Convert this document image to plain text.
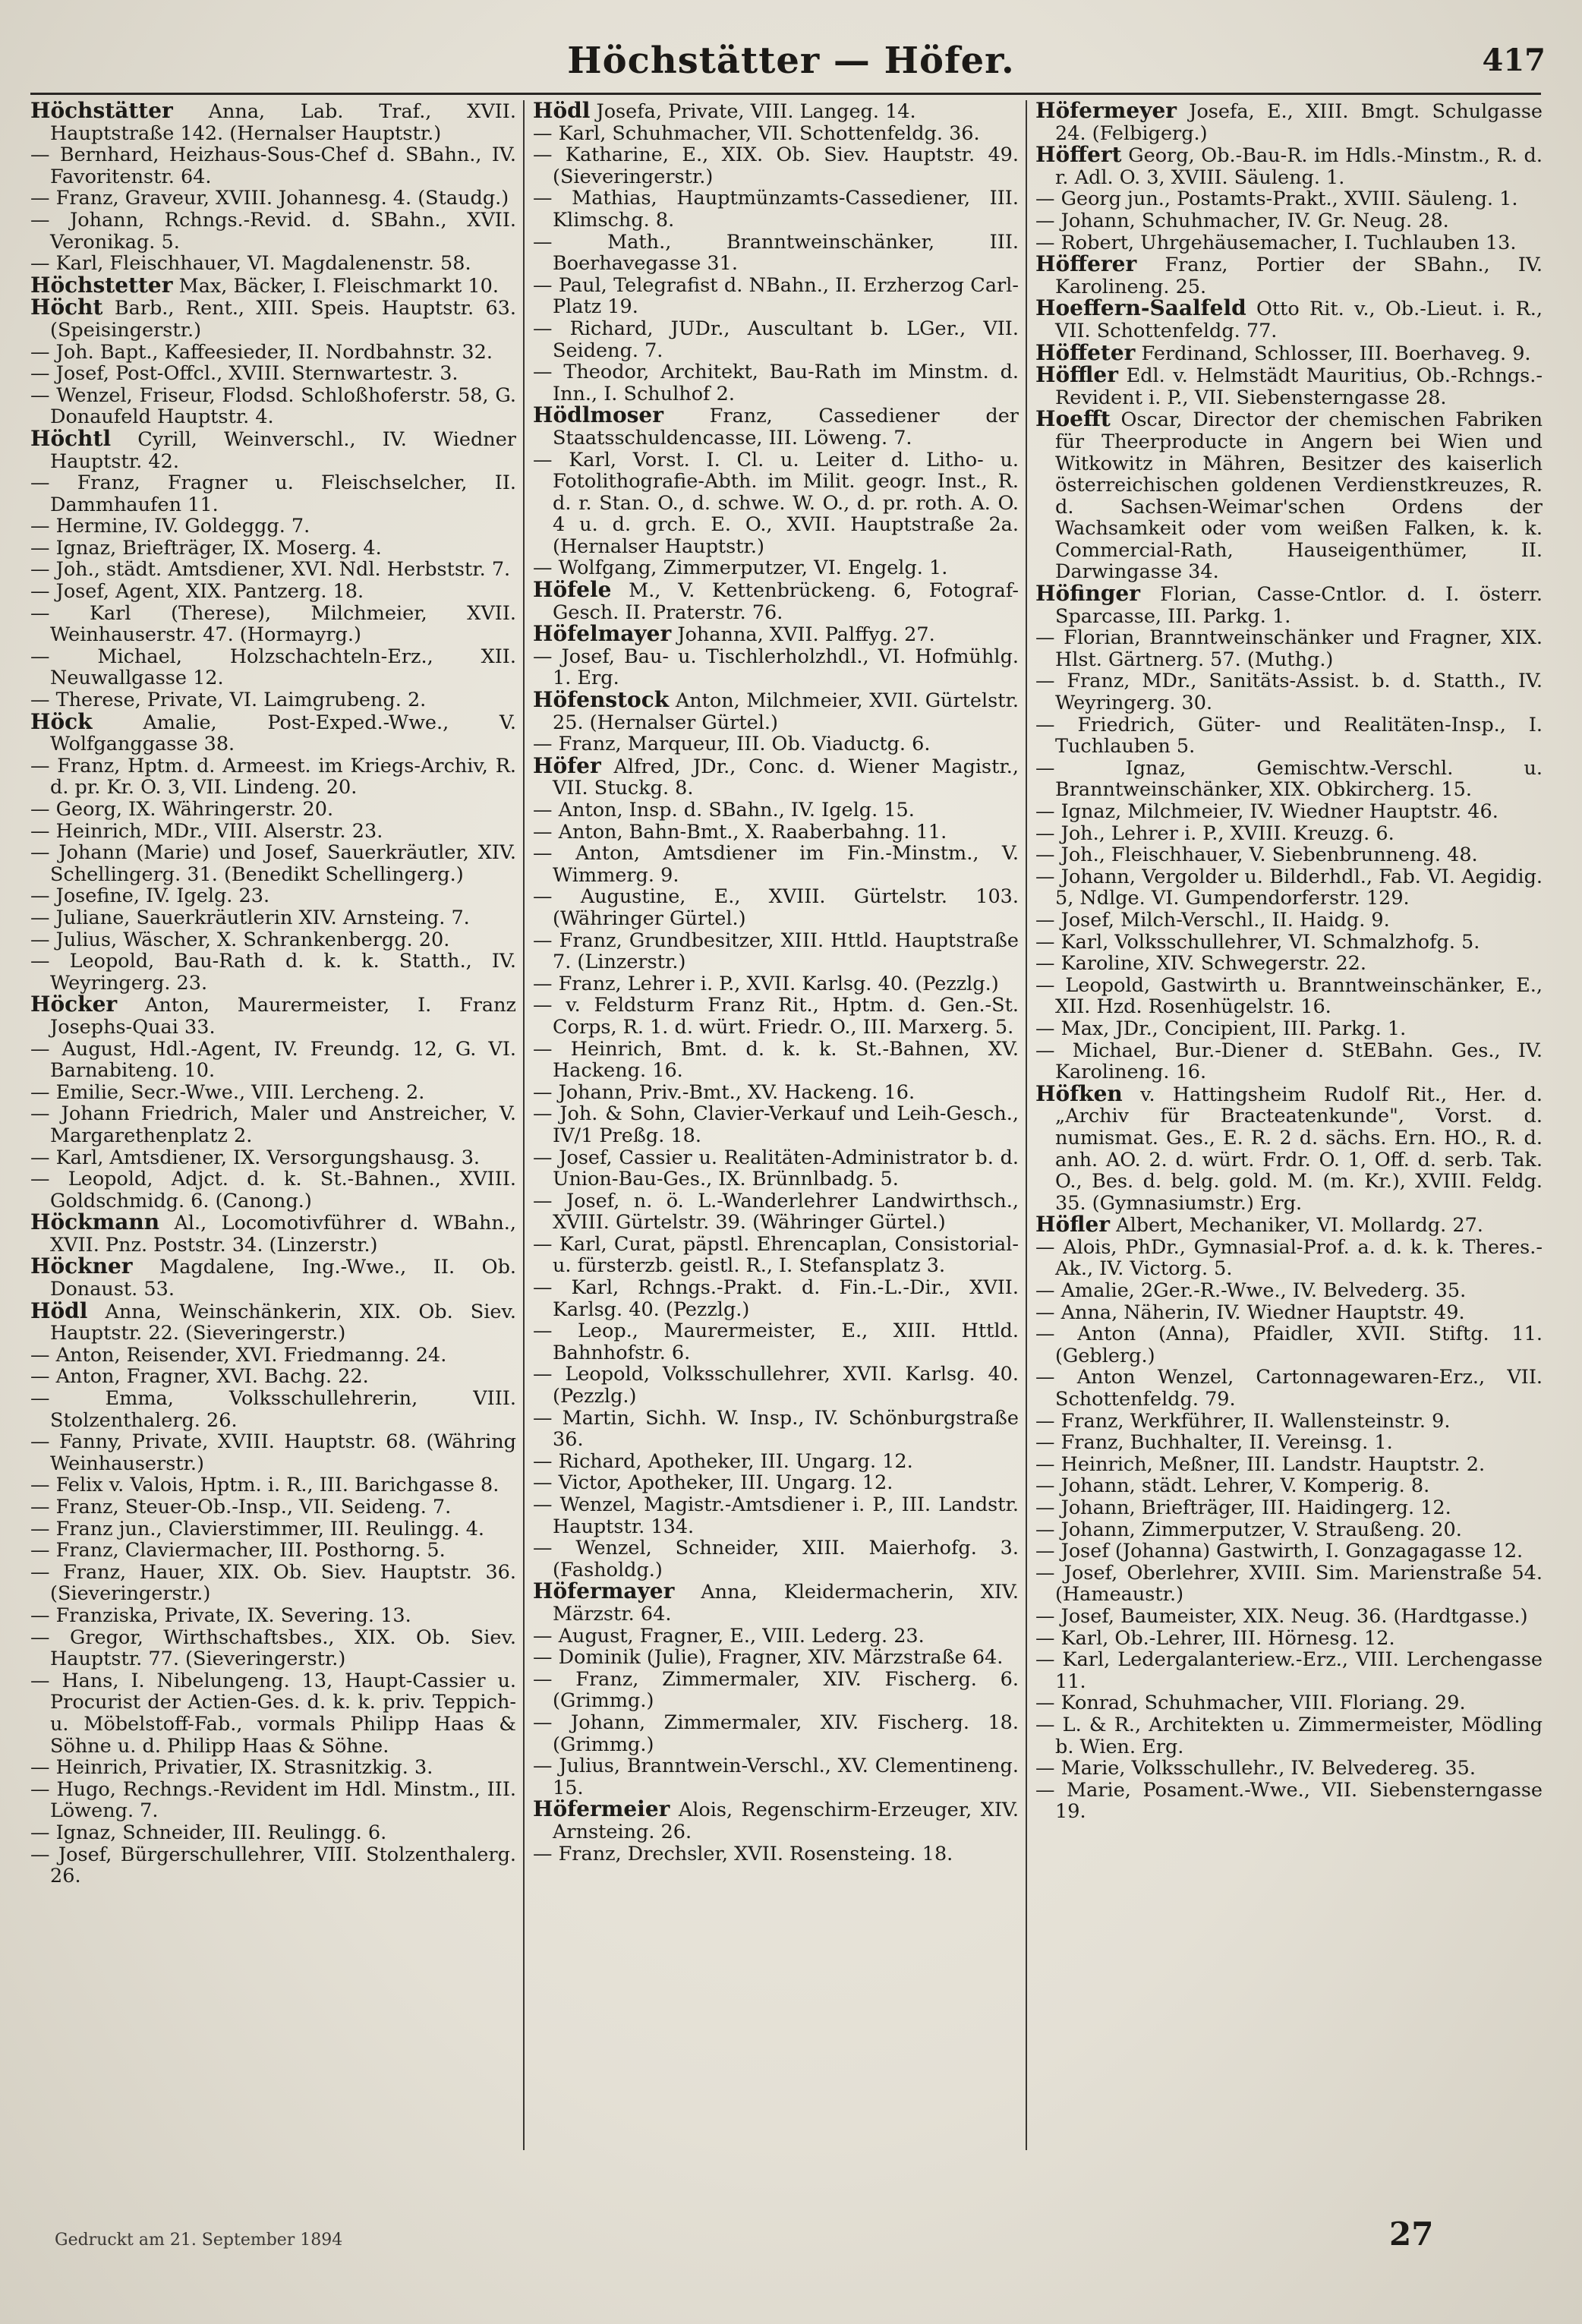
Höchstätter — Höfer.	417

Höchstätter Anna, Lab. Traf., XVII. Hauptstraße 142. (Hernalser Hauptstr.)

— Bernhard, Heizhaus-Sous-Chef d. SBahn., IV. Favoritenstr. 64.

— Franz, Graveur, XVIII. Johannesg. 4. (Staudg.)

— Johann, Rchngs.-Revid. d. SBahn., XVII. Veronikag. 5.

— Karl, Fleischhauer, VI. Magdalenenstr. 58.

Höchstetter Max, Bäcker, I. Fleischmarkt 10.

Höcht Barb., Rent., XIII. Speis. Hauptstr. 63. (Speisingerstr.)

— Joh. Bapt., Kaffeesieder, II. Nordbahnstr. 32.

— Josef, Post-Offcl., XVIII. Sternwartestr. 3.

— Wenzel, Friseur, Flodsd. Schloßhoferstr. 58, G. Donaufeld Hauptstr. 4.

Höchtl Cyrill, Weinverschl., IV. Wiedner Hauptstr. 42.

— Franz, Fragner u. Fleischselcher, II. Dammhaufen 11.

— Hermine, IV. Goldeggg. 7.

— Ignaz, Briefträger, IX. Moserg. 4.

— Joh., städt. Amtsdiener, XVI. Ndl. Herbststr. 7.

— Josef, Agent, XIX. Pantzerg. 18.

— Karl (Therese), Milchmeier, XVII. Weinhauserstr. 47. (Hormayrg.)

— Michael, Holzschachteln-Erz., XII. Neuwallgasse 12.

— Therese, Private, VI. Laimgrubeng. 2.

Höck Amalie, Post-Exped.-Wwe., V. Wolfganggasse 38.

— Franz, Hptm. d. Armeest. im Kriegs-Archiv, R. d. pr. Kr. O. 3, VII. Lindeng. 20.

— Georg, IX. Währingerstr. 20.

— Heinrich, MDr., VIII. Alserstr. 23.

— Johann (Marie) und Josef, Sauerkräutler, XIV. Schellingerg. 31. (Benedikt Schellingerg.)

— Josefine, IV. Igelg. 23.

— Juliane, Sauerkräutlerin XIV. Arnsteing. 7.

— Julius, Wäscher, X. Schrankenbergg. 20.

— Leopold, Bau-Rath d. k. k. Statth., IV. Weyringerg. 23.

Höcker Anton, Maurermeister, I. Franz Josephs-Quai 33.

— August, Hdl.-Agent, IV. Freundg. 12, G. VI. Barnabiteng. 10.

— Emilie, Secr.-Wwe., VIII. Lercheng. 2.

— Johann Friedrich, Maler und Anstreicher, V. Margarethenplatz 2.

— Karl, Amtsdiener, IX. Versorgungshausg. 3.

— Leopold, Adjct. d. k. St.-Bahnen., XVIII. Goldschmidg. 6. (Canong.)

Höckmann Al., Locomotivführer d. WBahn., XVII. Pnz. Poststr. 34. (Linzerstr.)

Höckner Magdalene, Ing.-Wwe., II. Ob. Donaust. 53.

Hödl Anna, Weinschänkerin, XIX. Ob. Siev. Hauptstr. 22. (Sieveringerstr.)

— Anton, Reisender, XVI. Friedmanng. 24.

— Anton, Fragner, XVI. Bachg. 22.

— Emma, Volksschullehrerin, VIII. Stolzenthalerg. 26.

— Fanny, Private, XVIII. Hauptstr. 68. (Währing Weinhauserstr.)

— Felix v. Valois, Hptm. i. R., III. Barichgasse 8.

— Franz, Steuer-Ob.-Insp., VII. Seideng. 7.

— Franz jun., Clavierstimmer, III. Reulingg. 4.

— Franz, Claviermacher, III. Posthorng. 5.

— Franz, Hauer, XIX. Ob. Siev. Hauptstr. 36. (Sieveringerstr.)

— Franziska, Private, IX. Severing. 13.

— Gregor, Wirthschaftsbes., XIX. Ob. Siev. Hauptstr. 77. (Sieveringerstr.)

— Hans, I. Nibelungeng. 13, Haupt-Cassier u. Procurist der Actien-Ges. d. k. k. priv. Teppich- u. Möbelstoff-Fab., vormals Philipp Haas & Söhne u. d. Philipp Haas & Söhne.

— Heinrich, Privatier, IX. Strasnitzkig. 3.

— Hugo, Rechngs.-Revident im Hdl. Minstm., III. Löweng. 7.

— Ignaz, Schneider, III. Reulingg. 6.

— Josef, Bürgerschullehrer, VIII. Stolzenthalerg. 26.

Hödl Josefa, Private, VIII. Langeg. 14.

— Karl, Schuhmacher, VII. Schottenfeldg. 36.

— Katharine, E., XIX. Ob. Siev. Hauptstr. 49. (Sieveringerstr.)

— Mathias, Hauptmünzamts-Cassediener, III. Klimschg. 8.

— Math., Branntweinschänker, III. Boerhavegasse 31.

— Paul, Telegrafist d. NBahn., II. Erzherzog Carl-Platz 19.

— Richard, JUDr., Auscultant b. LGer., VII. Seideng. 7.

— Theodor, Architekt, Bau-Rath im Minstm. d. Inn., I. Schulhof 2.

Hödlmoser Franz, Cassediener der Staatsschuldencasse, III. Löweng. 7.

— Karl, Vorst. I. Cl. u. Leiter d. Litho- u. Fotolithografie-Abth. im Milit. geogr. Inst., R. d. r. Stan. O., d. schwe. W. O., d. pr. roth. A. O. 4 u. d. grch. E. O., XVII. Hauptstraße 2a. (Hernalser Hauptstr.)

— Wolfgang, Zimmerputzer, VI. Engelg. 1.

Höfele M., V. Kettenbrückeng. 6, Fotograf-Gesch. II. Praterstr. 76.

Höfelmayer Johanna, XVII. Palffyg. 27.

— Josef, Bau- u. Tischlerholzhdl., VI. Hofmühlg. 1. Erg.

Höfenstock Anton, Milchmeier, XVII. Gürtelstr. 25. (Hernalser Gürtel.)

— Franz, Marqueur, III. Ob. Viaductg. 6.

Höfer Alfred, JDr., Conc. d. Wiener Magistr., VII. Stuckg. 8.

— Anton, Insp. d. SBahn., IV. Igelg. 15.

— Anton, Bahn-Bmt., X. Raaberbahng. 11.

— Anton, Amtsdiener im Fin.-Minstm., V. Wimmerg. 9.

— Augustine, E., XVIII. Gürtelstr. 103. (Währinger Gürtel.)

— Franz, Grundbesitzer, XIII. Httld. Hauptstraße 7. (Linzerstr.)

— Franz, Lehrer i. P., XVII. Karlsg. 40. (Pezzlg.)

— v. Feldsturm Franz Rit., Hptm. d. Gen.-St. Corps, R. 1. d. würt. Friedr. O., III. Marxerg. 5.

— Heinrich, Bmt. d. k. k. St.-Bahnen, XV. Hackeng. 16.

— Johann, Priv.-Bmt., XV. Hackeng. 16.

— Joh. & Sohn, Clavier-Verkauf und Leih-Gesch., IV/1 Preßg. 18.

— Josef, Cassier u. Realitäten-Administrator b. d. Union-Bau-Ges., IX. Brünnlbadg. 5.

— Josef, n. ö. L.-Wanderlehrer Landwirthsch., XVIII. Gürtelstr. 39. (Währinger Gürtel.)

— Karl, Curat, päpstl. Ehrencaplan, Consistorial- u. fürsterzb. geistl. R., I. Stefansplatz 3.

— Karl, Rchngs.-Prakt. d. Fin.-L.-Dir., XVII. Karlsg. 40. (Pezzlg.)

— Leop., Maurermeister, E., XIII. Httld. Bahnhofstr. 6.

— Leopold, Volksschullehrer, XVII. Karlsg. 40. (Pezzlg.)

— Martin, Sichh. W. Insp., IV. Schönburgstraße 36.

— Richard, Apotheker, III. Ungarg. 12.

— Victor, Apotheker, III. Ungarg. 12.

— Wenzel, Magistr.-Amtsdiener i. P., III. Landstr. Hauptstr. 134.

— Wenzel, Schneider, XIII. Maierhofg. 3. (Fasholdg.)

Höfermayer Anna, Kleidermacherin, XIV. Märzstr. 64.

— August, Fragner, E., VIII. Lederg. 23.

— Dominik (Julie), Fragner, XIV. Märzstraße 64.

— Franz, Zimmermaler, XIV. Fischerg. 6. (Grimmg.)

— Johann, Zimmermaler, XIV. Fischerg. 18. (Grimmg.)

— Julius, Branntwein-Verschl., XV. Clementineng. 15.

Höfermeier Alois, Regenschirm-Erzeuger, XIV. Arnsteing. 26.

— Franz, Drechsler, XVII. Rosensteing. 18.

Höfermeyer Josefa, E., XIII. Bmgt. Schulgasse 24. (Felbigerg.)

Höffert Georg, Ob.-Bau-R. im Hdls.-Minstm., R. d. r. Adl. O. 3, XVIII. Säuleng. 1.

— Georg jun., Postamts-Prakt., XVIII. Säuleng. 1.

— Johann, Schuhmacher, IV. Gr. Neug. 28.

— Robert, Uhrgehäusemacher, I. Tuchlauben 13.

Höfferer Franz, Portier der SBahn., IV. Karolineng. 25.

Hoeffern-Saalfeld Otto Rit. v., Ob.-Lieut. i. R., VII. Schottenfeldg. 77.

Höffeter Ferdinand, Schlosser, III. Boerhaveg. 9.

Höffler Edl. v. Helmstädt Mauritius, Ob.-Rchngs.-Revident i. P., VII. Siebensterngasse 28.

Hoefft Oscar, Director der chemischen Fabriken für Theerproducte in Angern bei Wien und Witkowitz in Mähren, Besitzer des kaiserlich österreichischen goldenen Verdienstkreuzes, R. d. Sachsen-Weimar'schen Ordens der Wachsamkeit oder vom weißen Falken, k. k. Commercial-Rath, Hauseigenthümer, II. Darwingasse 34.

Höfinger Florian, Casse-Cntlor. d. I. österr. Sparcasse, III. Parkg. 1.

— Florian, Branntweinschänker und Fragner, XIX. Hlst. Gärtnerg. 57. (Muthg.)

— Franz, MDr., Sanitäts-Assist. b. d. Statth., IV. Weyringerg. 30.

— Friedrich, Güter- und Realitäten-Insp., I. Tuchlauben 5.

— Ignaz, Gemischtw.-Verschl. u. Branntweinschänker, XIX. Obkircherg. 15.

— Ignaz, Milchmeier, IV. Wiedner Hauptstr. 46.

— Joh., Lehrer i. P., XVIII. Kreuzg. 6.

— Joh., Fleischhauer, V. Siebenbrunneng. 48.

— Johann, Vergolder u. Bilderhdl., Fab. VI. Aegidig. 5, Ndlge. VI. Gumpendorferstr. 129.

— Josef, Milch-Verschl., II. Haidg. 9.

— Karl, Volksschullehrer, VI. Schmalzhofg. 5.

— Karoline, XIV. Schwegerstr. 22.

— Leopold, Gastwirth u. Branntweinschänker, E., XII. Hzd. Rosenhügelstr. 16.

— Max, JDr., Concipient, III. Parkg. 1.

— Michael, Bur.-Diener d. StEBahn. Ges., IV. Karolineng. 16.

Höfken v. Hattingsheim Rudolf Rit., Her. d. „Archiv für Bracteatenkunde", Vorst. d. numismat. Ges., E. R. 2 d. sächs. Ern. HO., R. d. anh. AO. 2. d. würt. Frdr. O. 1, Off. d. serb. Tak. O., Bes. d. belg. gold. M. (m. Kr.), XVIII. Feldg. 35. (Gymnasiumstr.) Erg.

Höfler Albert, Mechaniker, VI. Mollardg. 27.

— Alois, PhDr., Gymnasial-Prof. a. d. k. k. Theres.-Ak., IV. Victorg. 5.

— Amalie, 2Ger.-R.-Wwe., IV. Belvederg. 35.

— Anna, Näherin, IV. Wiedner Hauptstr. 49.

— Anton (Anna), Pfaidler, XVII. Stiftg. 11. (Geblerg.)

— Anton Wenzel, Cartonnagewaren-Erz., VII. Schottenfeldg. 79.

— Franz, Werkführer, II. Wallensteinstr. 9.

— Franz, Buchhalter, II. Vereinsg. 1.

— Heinrich, Meßner, III. Landstr. Hauptstr. 2.

— Johann, städt. Lehrer, V. Komperig. 8.

— Johann, Briefträger, III. Haidingerg. 12.

— Johann, Zimmerputzer, V. Straußeng. 20.

— Josef (Johanna) Gastwirth, I. Gonzagagasse 12.

— Josef, Oberlehrer, XVIII. Sim. Marienstraße 54. (Hameaustr.)

— Josef, Baumeister, XIX. Neug. 36. (Hardtgasse.)

— Karl, Ob.-Lehrer, III. Hörnesg. 12.

— Karl, Ledergalanteriew.-Erz., VIII. Lerchengasse 11.

— Konrad, Schuhmacher, VIII. Floriang. 29.

— L. & R., Architekten u. Zimmermeister, Mödling b. Wien. Erg.

— Marie, Volksschullehr., IV. Belvedereg. 35.

— Marie, Posament.-Wwe., VII. Siebensterngasse 19.

Gedruckt am 21. September 1894	27
